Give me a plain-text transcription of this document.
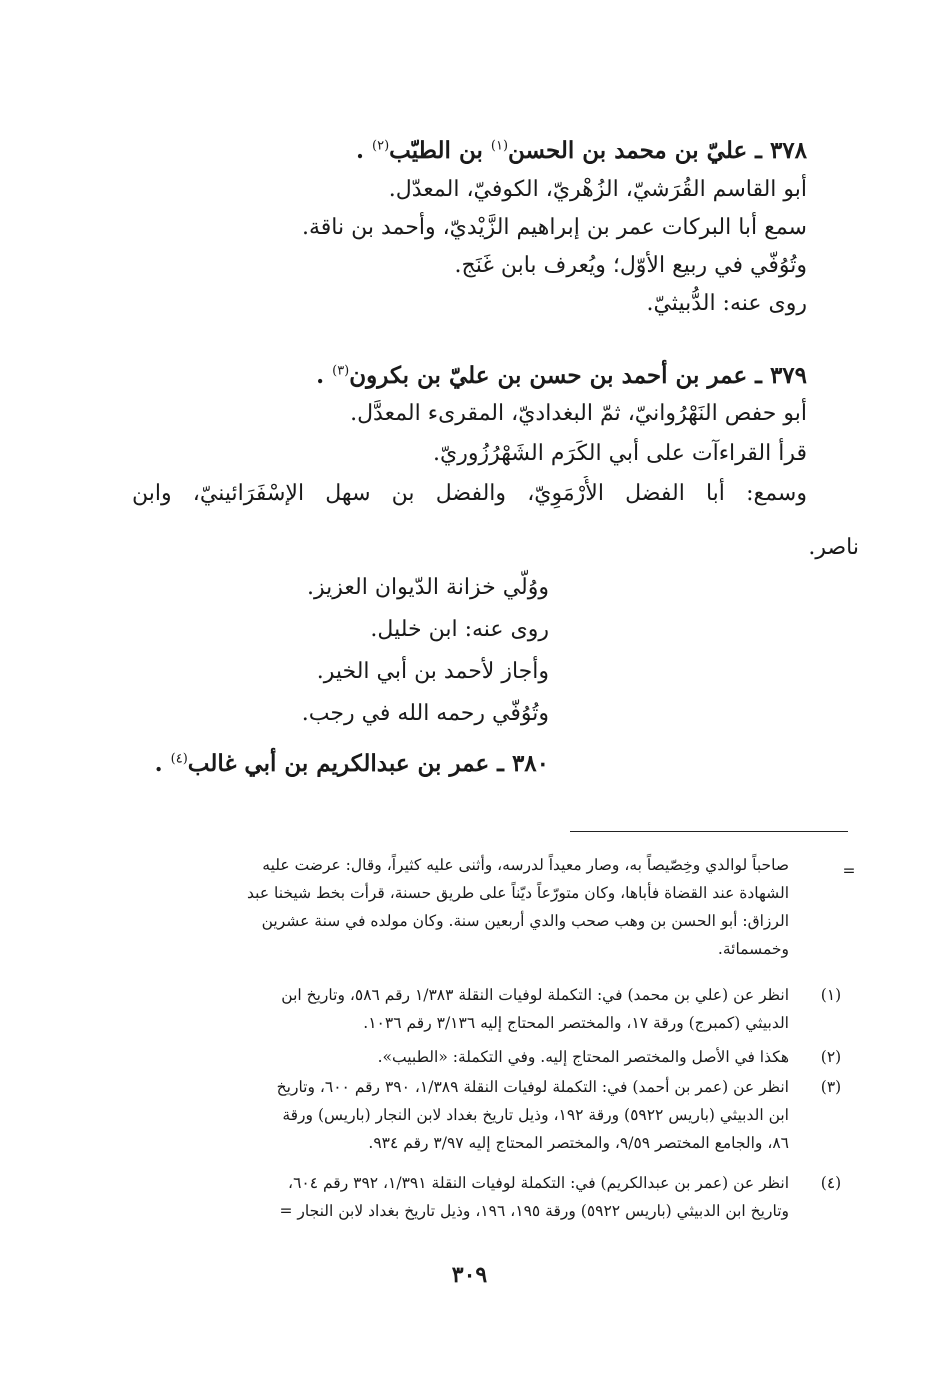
٣٧٨ ـ عليّ بن محمد بن الحسن$^{(١)}$ بن الطيّب$^{(٢)}$ .
أبو القاسم القُرَشيّ، الزُهْريّ، الكوفيّ، المعدّل.
سمع أبا البركات عمر بن إبراهيم الزَّيْديّ، وأحمد بن ناقة.
وتُوُفّي في ربيع الأوّل؛ ويُعرف بابن غَنَج.
روى عنه: الدُّبيثيّ.
٣٧٩ ـ عمر بن أحمد بن حسن بن عليّ بن بكرون$^{(٣)}$ .
أبو حفص النَهْرُوانيّ، ثمّ البغداديّ، المقرىء المعدَّل.
قرأ القراءآت على أبي الكَرَم الشَهْرُزُوريّ.
وسمع: أبا الفضل الأُرْمَوِيّ، والفضل بن سهل الإسْفَرَائينيّ، وابن
ناصر.
ووُلّي خزانة الدّيوان العزيز.
روى عنه: ابن خليل.
وأجاز لأحمد بن أبي الخير.
وتُوُفّي رحمه الله في رجب.
٣٨٠ ـ عمر بن عبدالكريم بن أبي غالب$^{(٤)}$ .
=
صاحباً لوالدي وخِصّيصاً به، وصار معيداً لدرسه، وأثنى عليه كثيراً، وقال: عرضت عليه
الشهادة عند القضاة فأباها، وكان متورّعاً ديّناً على طريق حسنة، قرأت بخط شيخنا عبد
الرزاق: أبو الحسن بن وهب صحب والدي أربعين سنة. وكان مولده في سنة عشرين
وخمسمائة.
(١)
انظر عن (علي بن محمد) في: التكملة لوفيات النقلة ١/٣٨٣ رقم ٥٨٦، وتاريخ ابن
الدبيثي (كمبرج) ورقة ١٧، والمختصر المحتاج إليه ٣/١٣٦ رقم ١٠٣٦.
(٢)
هكذا في الأصل والمختصر المحتاج إليه. وفي التكملة: «الطبيب».
(٣)
انظر عن (عمر بن أحمد) في: التكملة لوفيات النقلة ١/٣٨٩، ٣٩٠ رقم ٦٠٠، وتاريخ
ابن الدبيثي (باريس ٥٩٢٢) ورقة ١٩٢، وذيل تاريخ بغداد لابن النجار (باريس) ورقة
٨٦، والجامع المختصر ٩/٥٩، والمختصر المحتاج إليه ٣/٩٧ رقم ٩٣٤.
(٤)
انظر عن (عمر بن عبدالكريم) في: التكملة لوفيات النقلة ١/٣٩١، ٣٩٢ رقم ٦٠٤،
وتاريخ ابن الدبيثي (باريس ٥٩٢٢) ورقة ١٩٥، ١٩٦، وذيل تاريخ بغداد لابن النجار =
٣٠٩
